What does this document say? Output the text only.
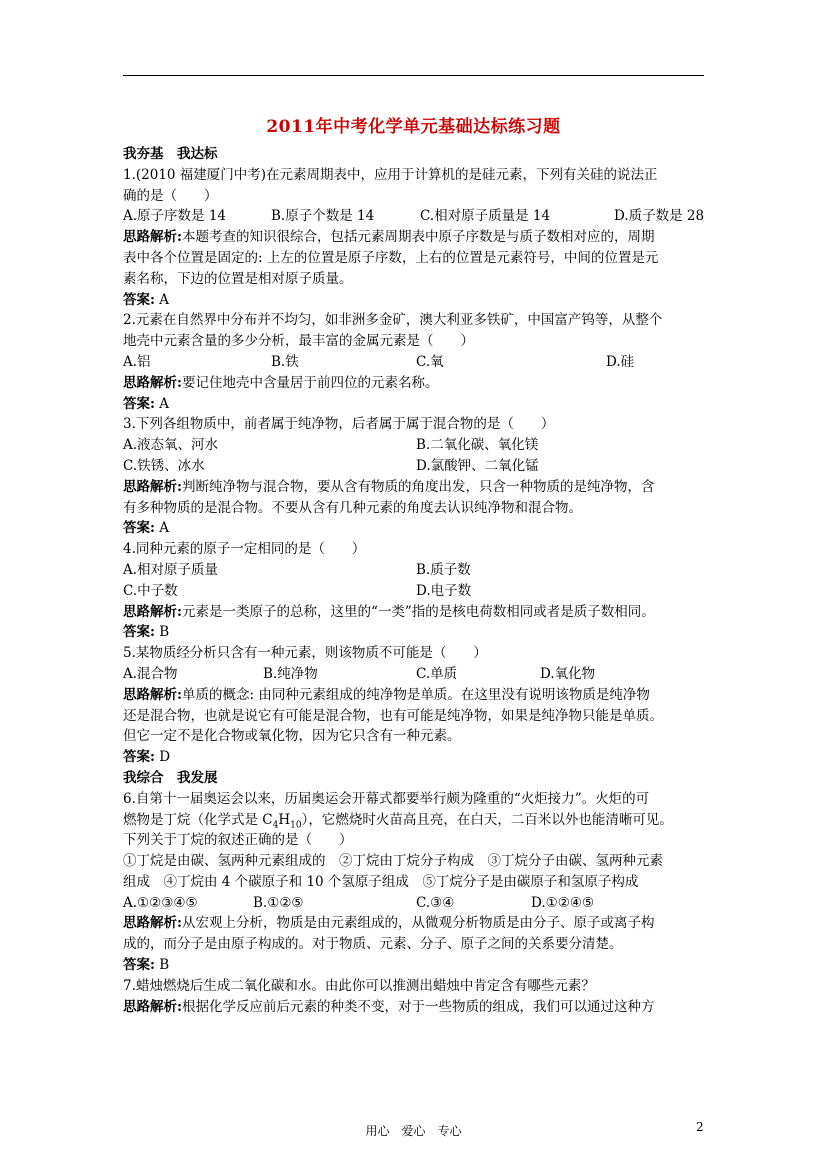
2011年中考化学单元基础达标练习题
我夯基　我达标
1.(2010 福建厦门中考)在元素周期表中，应用于计算机的是硅元素，下列有关硅的说法正
确的是（　　）
A.原子序数是 14	B.原子个数是 14	C.相对原子质量是 14	D.质子数是 28
思路解析:本题考查的知识很综合，包括元素周期表中原子序数是与质子数相对应的，周期
表中各个位置是固定的: 上左的位置是原子序数，上右的位置是元素符号，中间的位置是元
素名称，下边的位置是相对原子质量。
答案: A
2.元素在自然界中分布并不均匀，如非洲多金矿，澳大利亚多铁矿，中国富产钨等，从整个
地壳中元素含量的多少分析，最丰富的金属元素是（　　）
A.铝	B.铁	C.氧	D.硅
思路解析:要记住地壳中含量居于前四位的元素名称。
答案: A
3.下列各组物质中，前者属于纯净物，后者属于属于混合物的是（　　）
A.液态氧、河水	B.二氧化碳、氧化镁
C.铁锈、冰水	D.氯酸钾、二氧化锰
思路解析:判断纯净物与混合物，要从含有物质的角度出发，只含一种物质的是纯净物，含
有多种物质的是混合物。不要从含有几种元素的角度去认识纯净物和混合物。
答案: A
4.同种元素的原子一定相同的是（　　）
A.相对原子质量	B.质子数
C.中子数	D.电子数
思路解析:元素是一类原子的总称，这里的“一类”指的是核电荷数相同或者是质子数相同。
答案: B
5.某物质经分析只含有一种元素，则该物质不可能是（　　）
A.混合物	B.纯净物	C.单质	D.氧化物
思路解析:单质的概念: 由同种元素组成的纯净物是单质。在这里没有说明该物质是纯净物
还是混合物，也就是说它有可能是混合物，也有可能是纯净物，如果是纯净物只能是单质。
但它一定不是化合物或氧化物，因为它只含有一种元素。
答案: D
我综合　我发展
6.自第十一届奥运会以来，历届奥运会开幕式都要举行颇为隆重的“火炬接力”。火炬的可
燃物是丁烷（化学式是 $C_4H_{10}$），它燃烧时火苗高且亮，在白天，二百米以外也能清晰可见。
下列关于丁烷的叙述正确的是（　　）
①丁烷是由碳、氢两种元素组成的　②丁烷由丁烷分子构成　③丁烷分子由碳、氢两种元素
组成　④丁烷由 4 个碳原子和 10 个氢原子组成　⑤丁烷分子是由碳原子和氢原子构成
A.①②③④⑤	B.①②⑤	C.③④	D.①②④⑤
思路解析:从宏观上分析，物质是由元素组成的，从微观分析物质是由分子、原子或离子构
成的，而分子是由原子构成的。对于物质、元素、分子、原子之间的关系要分清楚。
答案: B
7.蜡烛燃烧后生成二氧化碳和水。由此你可以推测出蜡烛中肯定含有哪些元素？
思路解析:根据化学反应前后元素的种类不变，对于一些物质的组成，我们可以通过这种方
用心　爱心　专心	2
